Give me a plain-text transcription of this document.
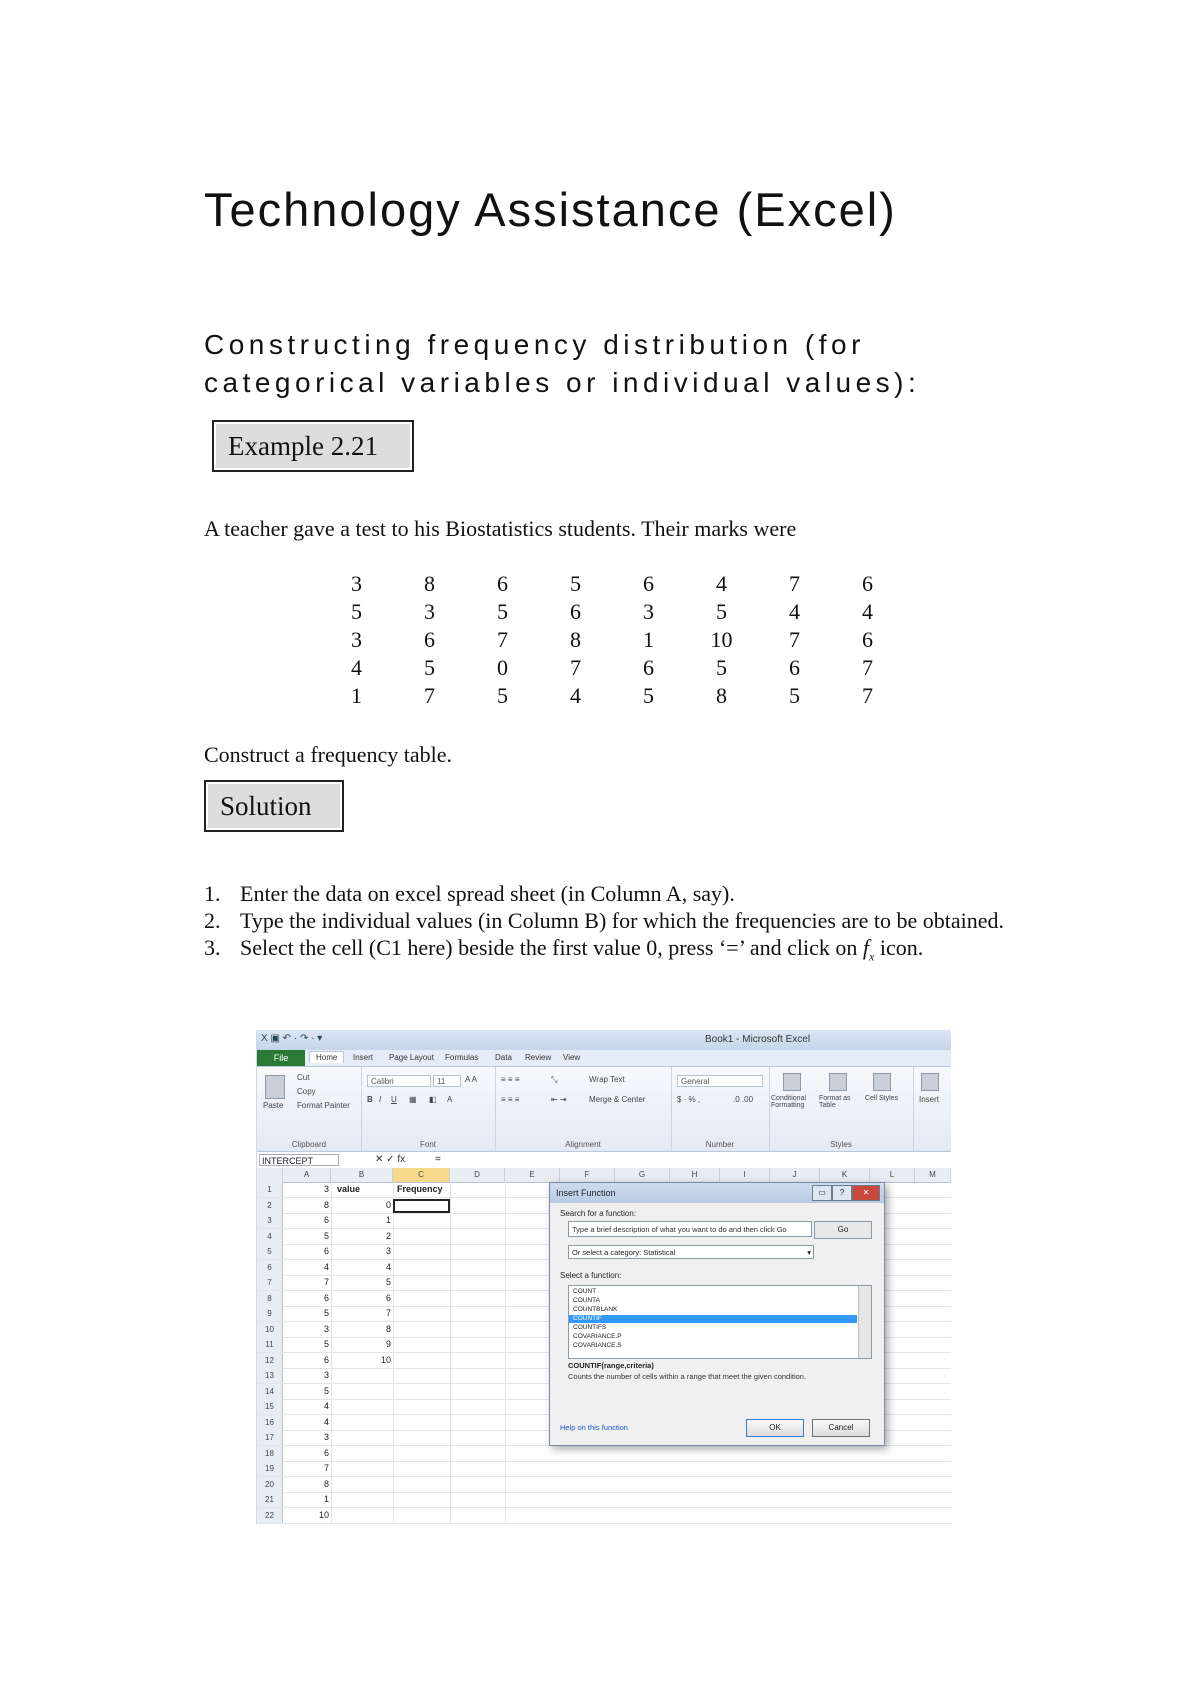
Technology Assistance (Excel)
Constructing frequency distribution (for categorical variables or individual values):
Example 2.21
A teacher gave a test to his Biostatistics students. Their marks were
3	8	6	5	6	4	7	6
5	3	5	6	3	5	4	4
3	6	7	8	1	10	7	6
4	5	0	7	6	5	6	7
1	7	5	4	5	8	5	7
Construct a frequency table.
Solution
1. Enter the data on excel spread sheet (in Column A, say).
2. Type the individual values (in Column B) for which the frequencies are to be obtained.
3. Select the cell (C1 here) beside the first value 0, press ‘=’ and click on $f_x$ icon.
X ▣ ↶ · ↷ · ▾	Book1 - Microsoft Excel
File	Home	Insert Page Layout Formulas Data Review View
Paste
Cut
Copy
Format Painter
Clipboard
Calibri	11	A A
B I U ▦ ◧ A
Font
≡ ≡ ≡	⤡	Wrap Text
≡ ≡ ≡	⇤ ⇥	Merge & Center
Alignment
General
$ · % ,	.0 .00
Number
Conditional Formatting
Format as Table
Cell Styles
Styles
Insert
INTERCEPT	✕ ✓ fx	=
A	B	C	D	E	F	G	H	I	J	K	L	M
1	3 value	Frequency
2	8	0
3	6	1
4	5	2
5	6	3
6	4	4
7	7	5
8	6	6
9	5	7
10	3	8
11	5	9
12	6	10
13	3
14	5
15	4
16	4
17	3
18	6
19	7
20	8
21	1
22	10
Insert Function	▭	?	✕
Search for a function:
Type a brief description of what you want to do and then click Go	Go
Or select a category: Statistical	▾
Select a function:
COUNT
COUNTA
COUNTBLANK
COUNTIF
COUNTIFS
COVARIANCE.P
COVARIANCE.S
COUNTIF(range,criteria)
Counts the number of cells within a range that meet the given condition.
Help on this function	OK	Cancel
